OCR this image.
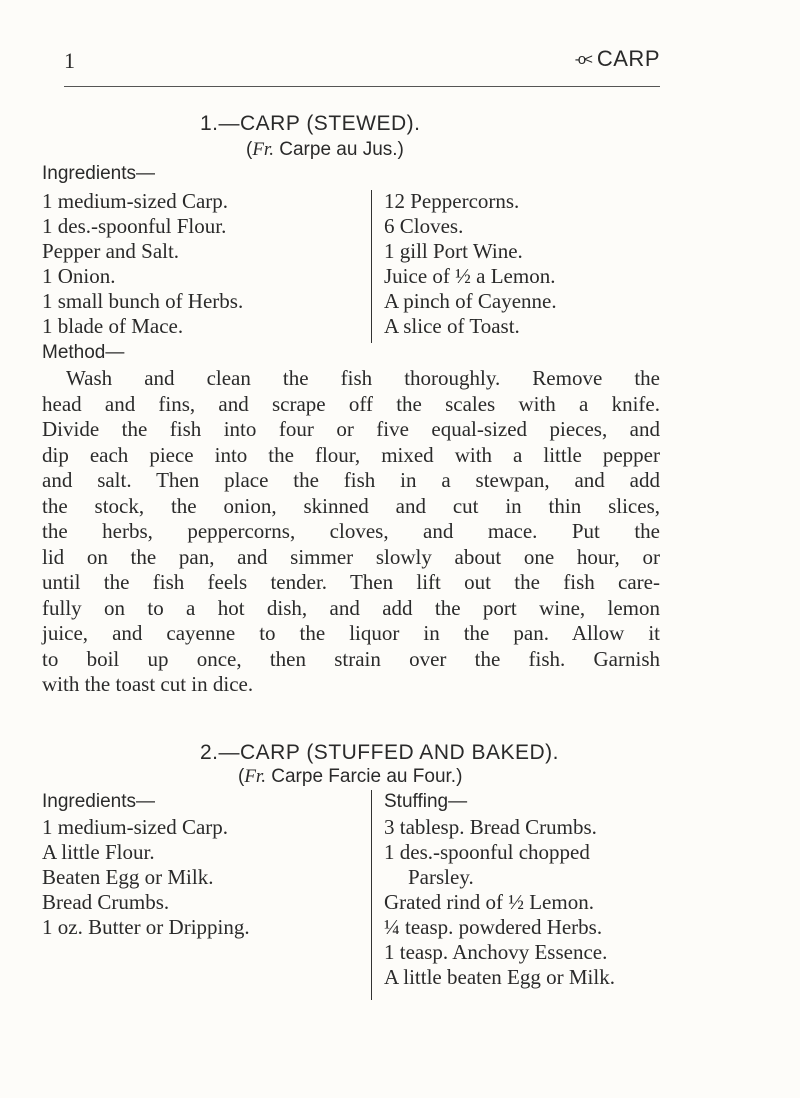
1	-o< CARP
1.—CARP (STEWED).
(Fr. Carpe au Jus.)
Ingredients—
1 medium-sized Carp.
1 des.-spoonful Flour.
Pepper and Salt.
1 Onion.
1 small bunch of Herbs.
1 blade of Mace.
12 Peppercorns.
6 Cloves.
1 gill Port Wine.
Juice of ½ a Lemon.
A pinch of Cayenne.
A slice of Toast.
Method—
Wash and clean the fish thoroughly. Remove the
head and fins, and scrape off the scales with a knife.
Divide the fish into four or five equal-sized pieces, and
dip each piece into the flour, mixed with a little pepper
and salt. Then place the fish in a stewpan, and add
the stock, the onion, skinned and cut in thin slices,
the herbs, peppercorns, cloves, and mace. Put the
lid on the pan, and simmer slowly about one hour, or
until the fish feels tender. Then lift out the fish care-
fully on to a hot dish, and add the port wine, lemon
juice, and cayenne to the liquor in the pan. Allow it
to boil up once, then strain over the fish. Garnish
with the toast cut in dice.
2.—CARP (STUFFED AND BAKED).
(Fr. Carpe Farcie au Four.)
Ingredients—
1 medium-sized Carp.
A little Flour.
Beaten Egg or Milk.
Bread Crumbs.
1 oz. Butter or Dripping.
Stuffing—
3 tablesp. Bread Crumbs.
1 des.-spoonful chopped
Parsley.
Grated rind of ½ Lemon.
¼ teasp. powdered Herbs.
1 teasp. Anchovy Essence.
A little beaten Egg or Milk.
